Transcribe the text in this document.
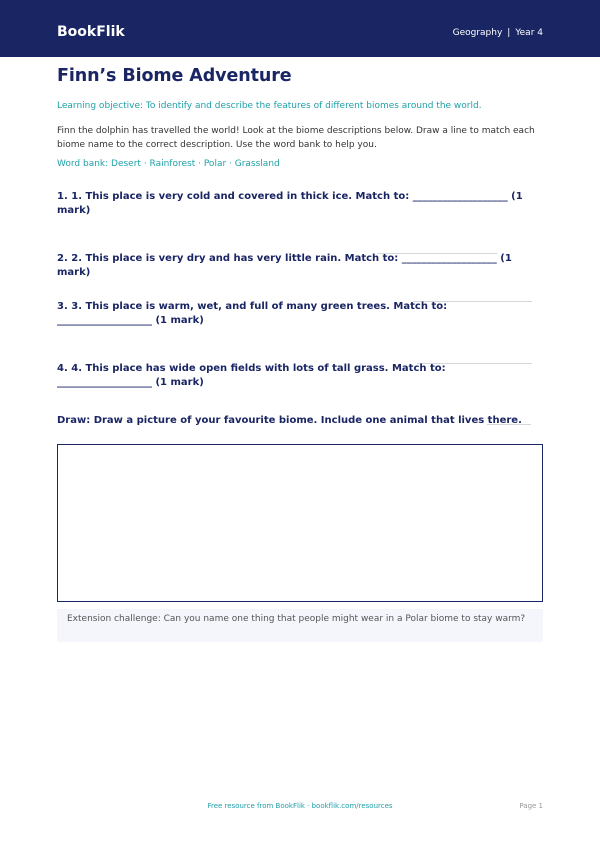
BookFlik	Geography | Year 4
Finn’s Biome Adventure
Learning objective: To identify and describe the features of different biomes around the world.
Finn the dolphin has travelled the world! Look at the biome descriptions below. Draw a line to match each biome name to the correct description. Use the word bank to help you.
Word bank: Desert · Rainforest · Polar · Grassland
1. 1. This place is very cold and covered in thick ice. Match to: ___________________ (1 mark)
2. 2. This place is very dry and has very little rain. Match to: ___________________ (1 mark)
3. 3. This place is warm, wet, and full of many green trees. Match to: ___________________ (1 mark)
4. 4. This place has wide open fields with lots of tall grass. Match to: ___________________ (1 mark)
Draw: Draw a picture of your favourite biome. Include one animal that lives there.
Extension challenge: Can you name one thing that people might wear in a Polar biome to stay warm?
Free resource from BookFlik · bookflik.com/resources	Page 1
